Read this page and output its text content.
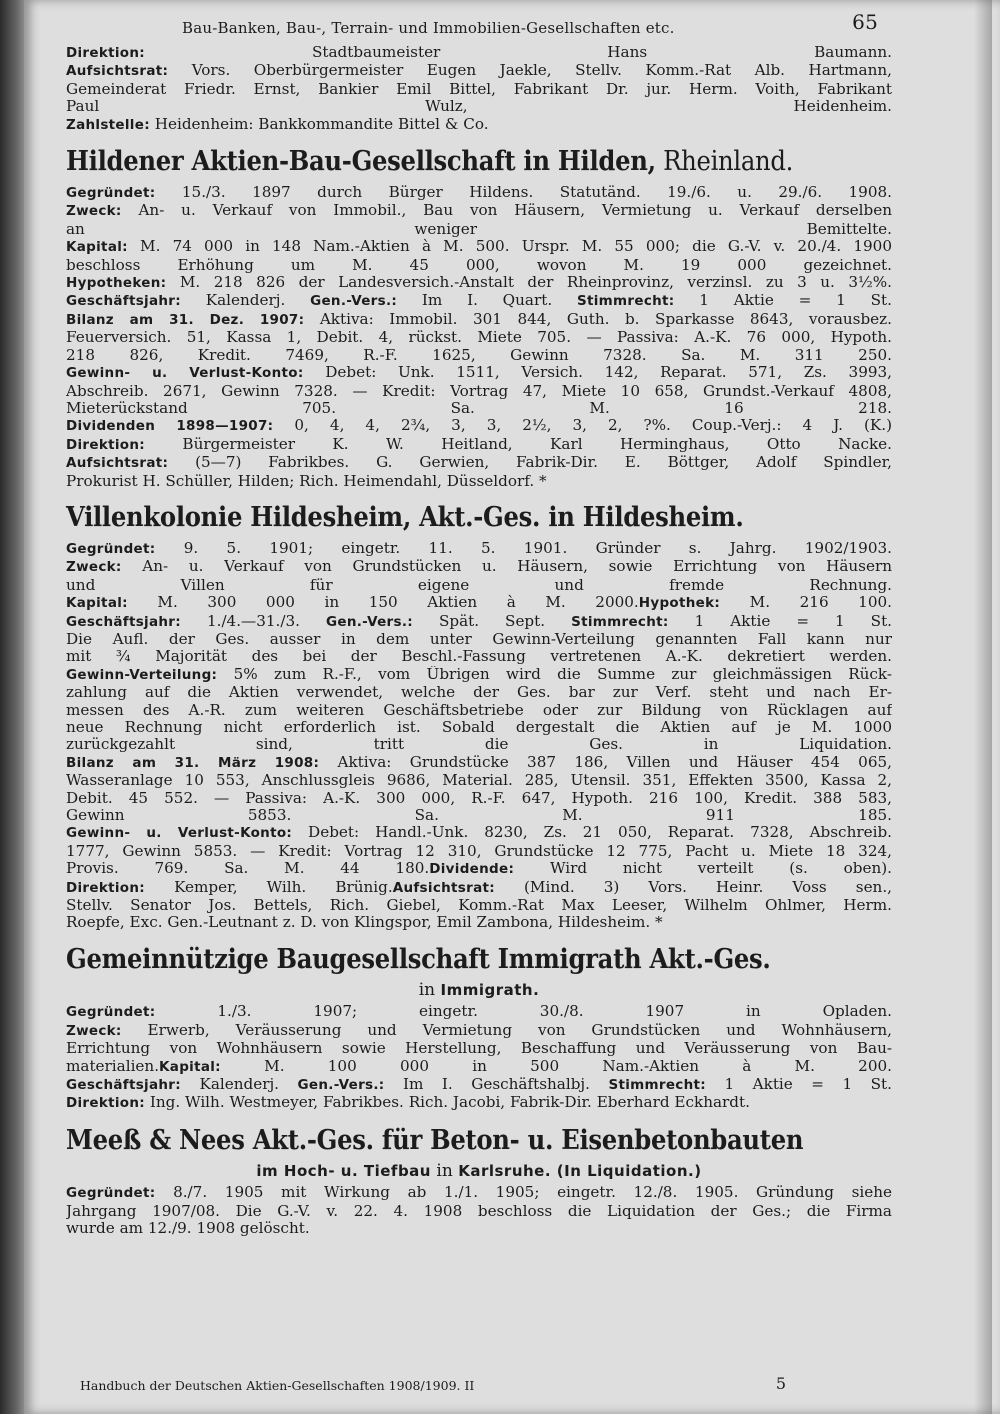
Bau-Banken, Bau-, Terrain- und Immobilien-Gesellschaften etc.	65

Direktion: Stadtbaumeister Hans Baumann.

Aufsichtsrat: Vors. Oberbürgermeister Eugen Jaekle, Stellv. Komm.-Rat Alb. Hartmann,

Gemeinderat Friedr. Ernst, Bankier Emil Bittel, Fabrikant Dr. jur. Herm. Voith, Fabrikant

Paul Wulz, Heidenheim.

Zahlstelle: Heidenheim: Bankkommandite Bittel & Co.

Hildener Aktien-Bau-Gesellschaft in Hilden, Rheinland.

Gegründet: 15./3. 1897 durch Bürger Hildens. Statutänd. 19./6. u. 29./6. 1908.

Zweck: An- u. Verkauf von Immobil., Bau von Häusern, Vermietung u. Verkauf derselben

an weniger Bemittelte.

Kapital: M. 74 000 in 148 Nam.-Aktien à M. 500. Urspr. M. 55 000; die G.-V. v. 20./4. 1900

beschloss Erhöhung um M. 45 000, wovon M. 19 000 gezeichnet.

Hypotheken: M. 218 826 der Landesversich.-Anstalt der Rheinprovinz, verzinsl. zu 3 u. 3½%.

Geschäftsjahr: Kalenderj. Gen.-Vers.: Im I. Quart. Stimmrecht: 1 Aktie = 1 St.

Bilanz am 31. Dez. 1907: Aktiva: Immobil. 301 844, Guth. b. Sparkasse 8643, vorausbez.

Feuerversich. 51, Kassa 1, Debit. 4, rückst. Miete 705. — Passiva: A.-K. 76 000, Hypoth.

218 826, Kredit. 7469, R.-F. 1625, Gewinn 7328. Sa. M. 311 250.

Gewinn- u. Verlust-Konto: Debet: Unk. 1511, Versich. 142, Reparat. 571, Zs. 3993,

Abschreib. 2671, Gewinn 7328. — Kredit: Vortrag 47, Miete 10 658, Grundst.-Verkauf 4808,

Mieterückstand 705. Sa. M. 16 218.

Dividenden 1898—1907: 0, 4, 4, 2¾, 3, 3, 2½, 3, 2, ?%. Coup.-Verj.: 4 J. (K.)

Direktion: Bürgermeister K. W. Heitland, Karl Herminghaus, Otto Nacke.

Aufsichtsrat: (5—7) Fabrikbes. G. Gerwien, Fabrik-Dir. E. Böttger, Adolf Spindler,

Prokurist H. Schüller, Hilden; Rich. Heimendahl, Düsseldorf. *

Villenkolonie Hildesheim, Akt.-Ges. in Hildesheim.

Gegründet: 9. 5. 1901; eingetr. 11. 5. 1901. Gründer s. Jahrg. 1902/1903.

Zweck: An- u. Verkauf von Grundstücken u. Häusern, sowie Errichtung von Häusern

und Villen für eigene und fremde Rechnung.

Kapital: M. 300 000 in 150 Aktien à M. 2000.Hypothek: M. 216 100.

Geschäftsjahr: 1./4.—31./3. Gen.-Vers.: Spät. Sept. Stimmrecht: 1 Aktie = 1 St.

Die Aufl. der Ges. ausser in dem unter Gewinn-Verteilung genannten Fall kann nur

mit ¾ Majorität des bei der Beschl.-Fassung vertretenen A.-K. dekretiert werden.

Gewinn-Verteilung: 5% zum R.-F., vom Übrigen wird die Summe zur gleichmässigen Rück-

zahlung auf die Aktien verwendet, welche der Ges. bar zur Verf. steht und nach Er-

messen des A.-R. zum weiteren Geschäftsbetriebe oder zur Bildung von Rücklagen auf

neue Rechnung nicht erforderlich ist. Sobald dergestalt die Aktien auf je M. 1000

zurückgezahlt sind, tritt die Ges. in Liquidation.

Bilanz am 31. März 1908: Aktiva: Grundstücke 387 186, Villen und Häuser 454 065,

Wasseranlage 10 553, Anschlussgleis 9686, Material. 285, Utensil. 351, Effekten 3500, Kassa 2,

Debit. 45 552. — Passiva: A.-K. 300 000, R.-F. 647, Hypoth. 216 100, Kredit. 388 583,

Gewinn 5853. Sa. M. 911 185.

Gewinn- u. Verlust-Konto: Debet: Handl.-Unk. 8230, Zs. 21 050, Reparat. 7328, Abschreib.

1777, Gewinn 5853. — Kredit: Vortrag 12 310, Grundstücke 12 775, Pacht u. Miete 18 324,

Provis. 769. Sa. M. 44 180.Dividende: Wird nicht verteilt (s. oben).

Direktion: Kemper, Wilh. Brünig.Aufsichtsrat: (Mind. 3) Vors. Heinr. Voss sen.,

Stellv. Senator Jos. Bettels, Rich. Giebel, Komm.-Rat Max Leeser, Wilhelm Ohlmer, Herm.

Roepfe, Exc. Gen.-Leutnant z. D. von Klingspor, Emil Zambona, Hildesheim. *

Gemeinnützige Baugesellschaft Immigrath Akt.-Ges.
in Immigrath.

Gegründet: 1./3. 1907; eingetr. 30./8. 1907 in Opladen.

Zweck: Erwerb, Veräusserung und Vermietung von Grundstücken und Wohnhäusern,

Errichtung von Wohnhäusern sowie Herstellung, Beschaffung und Veräusserung von Bau-

materialien.Kapital: M. 100 000 in 500 Nam.-Aktien à M. 200.

Geschäftsjahr: Kalenderj. Gen.-Vers.: Im I. Geschäftshalbj. Stimmrecht: 1 Aktie = 1 St.

Direktion: Ing. Wilh. Westmeyer, Fabrikbes. Rich. Jacobi, Fabrik-Dir. Eberhard Eckhardt.

Meeß & Nees Akt.-Ges. für Beton- u. Eisenbetonbauten
im Hoch- u. Tiefbau in Karlsruhe. (In Liquidation.)

Gegründet: 8./7. 1905 mit Wirkung ab 1./1. 1905; eingetr. 12./8. 1905. Gründung siehe

Jahrgang 1907/08. Die G.-V. v. 22. 4. 1908 beschloss die Liquidation der Ges.; die Firma

wurde am 12./9. 1908 gelöscht.

Handbuch der Deutschen Aktien-Gesellschaften 1908/1909. II	5
